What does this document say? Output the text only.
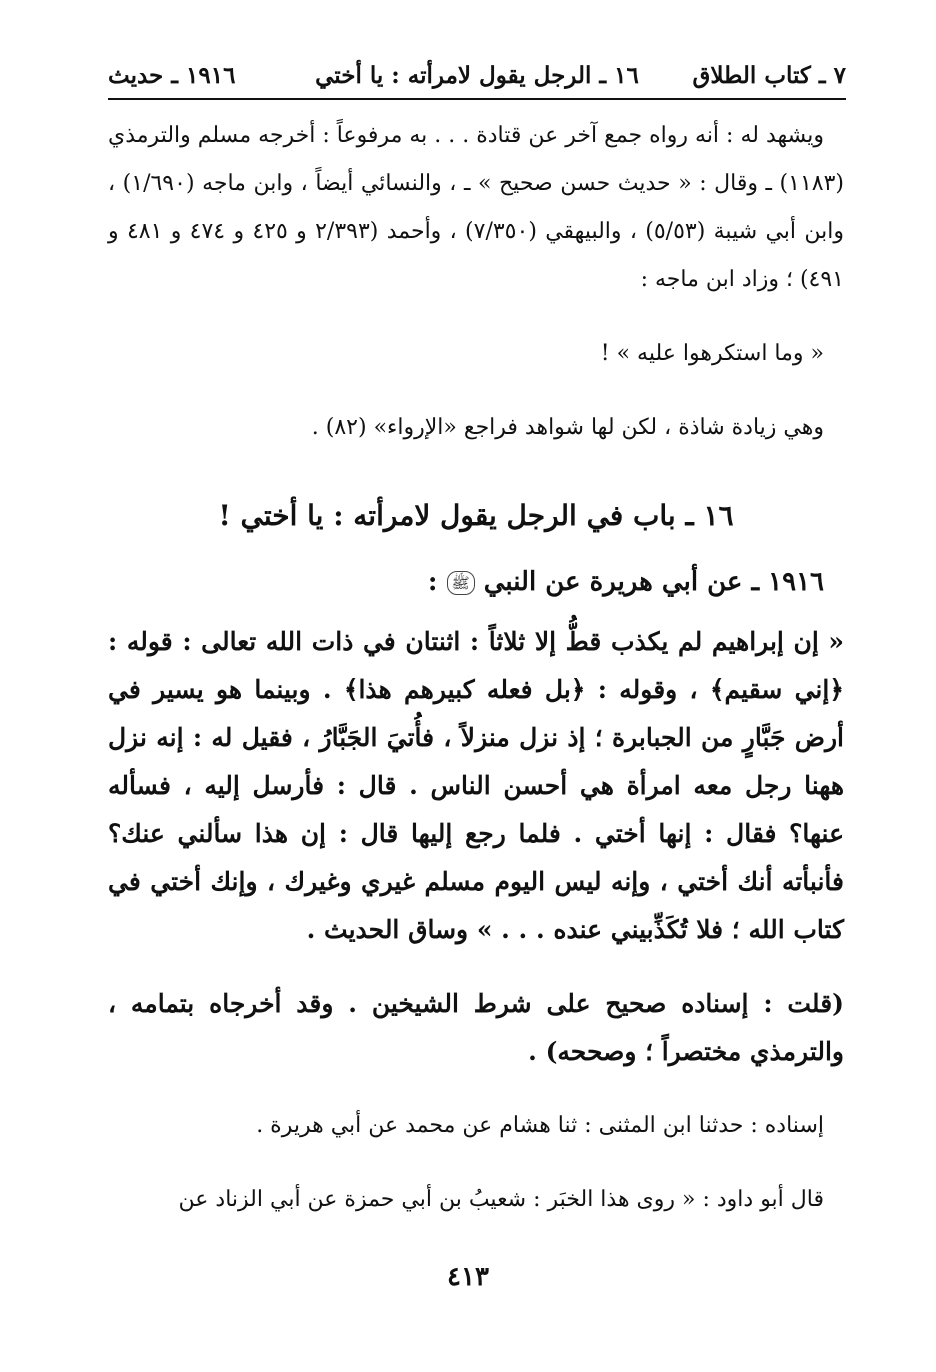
٧ ـ كتاب الطلاق
١٦ ـ الرجل يقول لامرأته : يا أختي
١٩١٦ ـ حديث

ويشهد له : أنه رواه جمع آخر عن قتادة . . . به مرفوعاً : أخرجه مسلم والترمذي (١١٨٣) ـ وقال : « حديث حسن صحيح » ـ ، والنسائي أيضاً ، وابن ماجه (١/٦٩٠) ، وابن أبي شيبة (٥/٥٣) ، والبيهقي (٧/٣٥٠) ، وأحمد (٢/٣٩٣ و ٤٢٥ و ٤٧٤ و ٤٨١ و ٤٩١) ؛ وزاد ابن ماجه :

« وما استكرهوا عليه » !

وهي زيادة شاذة ، لكن لها شواهد فراجع «الإرواء» (٨٢) .

١٦ ـ باب في الرجل يقول لامرأته : يا أختي !
١٩١٦ ـ عن أبي هريرة عن النبي ﷺ :

« إن إبراهيم لم يكذب قطُّ إلا ثلاثاً : اثنتان في ذات الله تعالى : قوله : ﴿إني سقيم﴾ ، وقوله : ﴿بل فعله كبيرهم هذا﴾ . وبينما هو يسير في أرض جَبَّارٍ من الجبابرة ؛ إذ نزل منزلاً ، فأُتيَ الجَبَّارُ ، فقيل له : إنه نزل ههنا رجل معه امرأة هي أحسن الناس . قال : فأرسل إليه ، فسأله عنها؟ فقال : إنها أختي . فلما رجع إليها قال : إن هذا سألني عنك؟ فأنبأته أنك أختي ، وإنه ليس اليوم مسلم غيري وغيرك ، وإنك أختي في كتاب الله ؛ فلا تُكَذِّبيني عنده . . . » وساق الحديث .

(قلت : إسناده صحيح على شرط الشيخين . وقد أخرجاه بتمامه ، والترمذي مختصراً ؛ وصححه) .

إسناده : حدثنا ابن المثنى : ثنا هشام عن محمد عن أبي هريرة .

قال أبو داود : « روى هذا الخبَر : شعيبُ بن أبي حمزة عن أبي الزناد عن

٤١٣
